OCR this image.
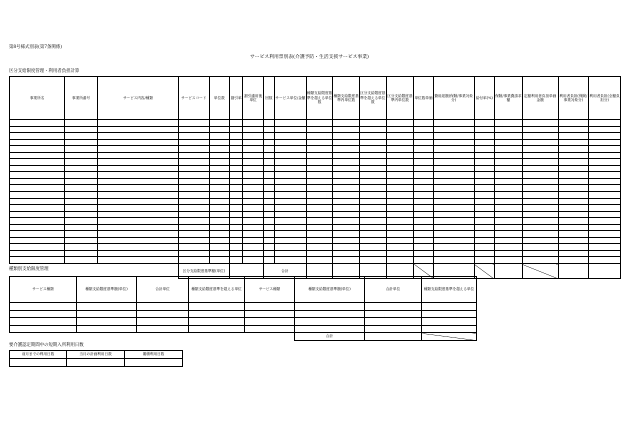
第8号様式別表(第7条関係)
サービス利用票別表(介護予防・生活支援サービス事業)
区分支給限度管理・利用者負担計算
事業所名	事業所番号	サービス内容/種類	サービスコード	単位数	割引率	割引適用後単位	回数	サービス単位/金額	種類支給限度基準を超える単位数	種類支給限度基準内単位数	区分支給限度基準を超える単位数	区分支給限度基準内単位数	単位数単価	費用総額(保険/事業対象分)	給付率(%)	保険/事業費請求額	定額利用者負担単価金額	利用者負担(保険/事業対象分)	利用者負担(全額負担分)

			区分支給限度基準額(単位)				合計												
種類別支給限度管理
サービス種類	種類支給限度基準額(単位)	合計単位	種類支給限度基準を超える単位	サービス種類	種類支給限度基準額(単位)	合計単位	種類支給限度基準を超える単位

					合計		
要介護認定期間中の短期入所利用日数
前月までの利用日数	当月の計画利用日数	累積利用日数
